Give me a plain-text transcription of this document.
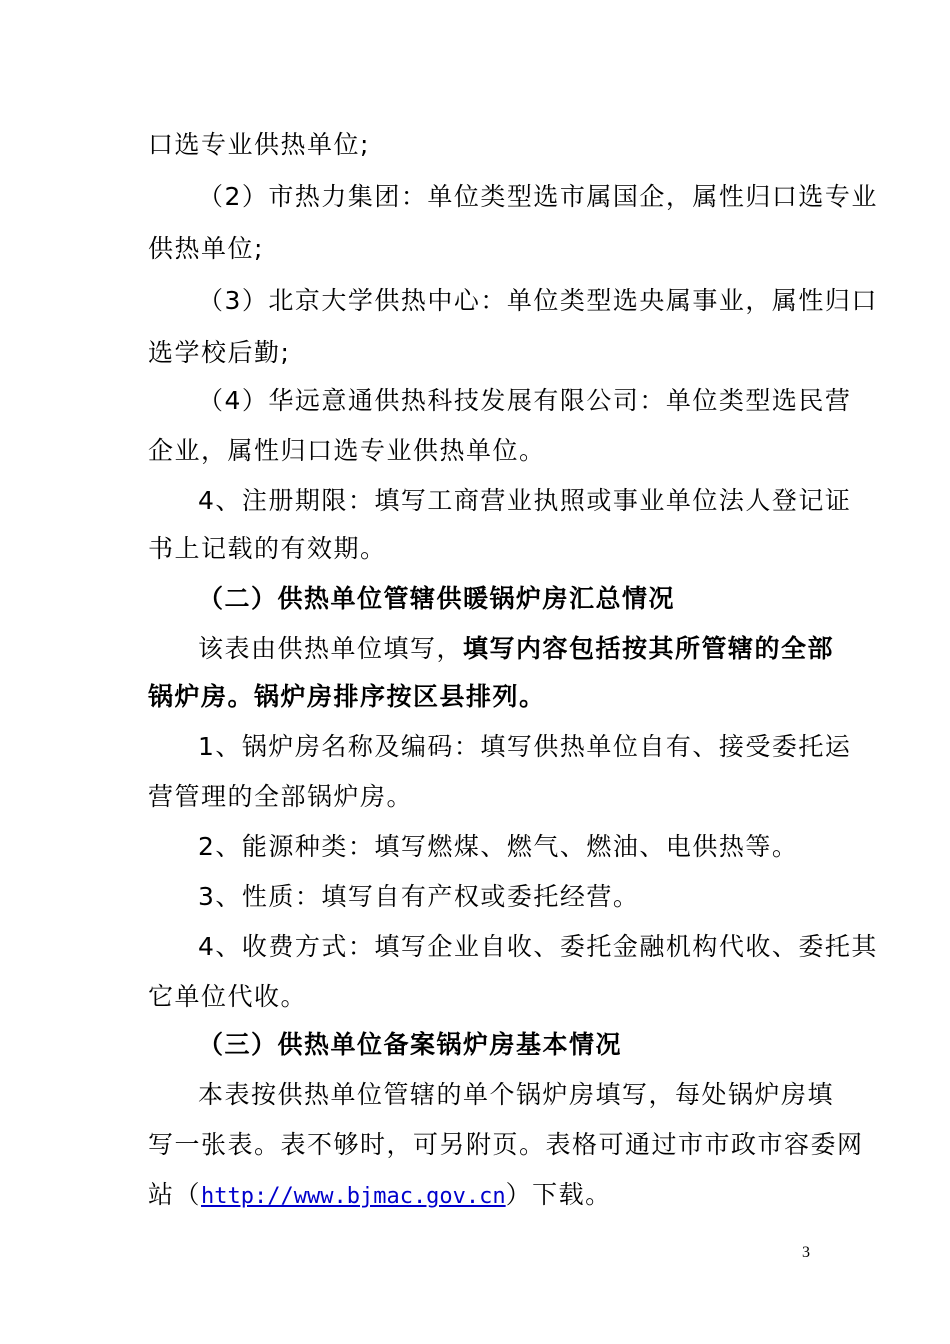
口选专业供热单位;
（2）市热力集团：单位类型选市属国企，属性归口选专业
供热单位;
（3）北京大学供热中心：单位类型选央属事业，属性归口
选学校后勤;
（4）华远意通供热科技发展有限公司：单位类型选民营
企业，属性归口选专业供热单位。
4、注册期限：填写工商营业执照或事业单位法人登记证
书上记载的有效期。
（二）供热单位管辖供暖锅炉房汇总情况
该表由供热单位填写，填写内容包括按其所管辖的全部
锅炉房。锅炉房排序按区县排列。
1、锅炉房名称及编码：填写供热单位自有、接受委托运
营管理的全部锅炉房。
2、能源种类：填写燃煤、燃气、燃油、电供热等。
3、性质：填写自有产权或委托经营。
4、收费方式：填写企业自收、委托金融机构代收、委托其
它单位代收。
（三）供热单位备案锅炉房基本情况
本表按供热单位管辖的单个锅炉房填写，每处锅炉房填
写一张表。表不够时，可另附页。表格可通过市市政市容委网
站（http://www.bjmac.gov.cn）下载。
3
